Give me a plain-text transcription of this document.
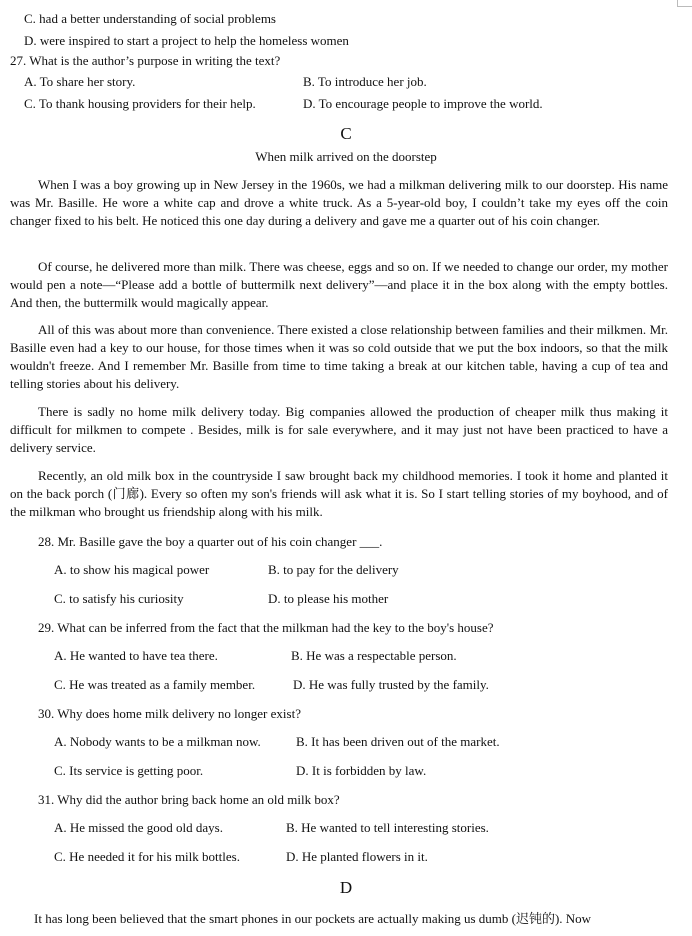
C. had a better understanding of social problems
D. were inspired to start a project to help the homeless women
27. What is the author’s purpose in writing the text?
A. To share her story.	B. To introduce her job.
C. To thank housing providers for their help.	D. To encourage people to improve the world.
C
When milk arrived on the doorstep

When I was a boy growing up in New Jersey in the 1960s, we had a milkman delivering milk to our doorstep. His name was Mr. Basille. He wore a white cap and drove a white truck. As a 5-year-old boy, I couldn’t take my eyes off the coin changer fixed to his belt. He noticed this one day during a delivery and gave me a quarter out of his coin changer.

Of course, he delivered more than milk. There was cheese, eggs and so on. If we needed to change our order, my mother would pen a note—“Please add a bottle of buttermilk next delivery”—and place it in the box along with the empty bottles. And then, the buttermilk would magically appear.

All of this was about more than convenience. There existed a close relationship between families and their milkmen. Mr. Basille even had a key to our house, for those times when it was so cold outside that we put the box indoors, so that the milk wouldn't freeze. And I remember Mr. Basille from time to time taking a break at our kitchen table, having a cup of tea and telling stories about his delivery.

There is sadly no home milk delivery today. Big companies allowed the production of cheaper milk thus making it difficult for milkmen to compete . Besides, milk is for sale everywhere, and it may just not have been practiced to have a delivery service.

Recently, an old milk box in the countryside I saw brought back my childhood memories. I took it home and planted it on the back porch (门廊). Every so often my son's friends will ask what it is. So I start telling stories of my boyhood, and of the milkman who brought us friendship along with his milk.

28. Mr. Basille gave the boy a quarter out of his coin changer ___.
A. to show his magical power	B. to pay for the delivery
C. to satisfy his curiosity	D. to please his mother
29. What can be inferred from the fact that the milkman had the key to the boy's house?
A. He wanted to have tea there.	B. He was a respectable person.
C. He was treated as a family member.	D. He was fully trusted by the family.
30. Why does home milk delivery no longer exist?
A. Nobody wants to be a milkman now.	B. It has been driven out of the market.
C. Its service is getting poor.	D. It is forbidden by law.
31. Why did the author bring back home an old milk box?
A. He missed the good old days.	B. He wanted to tell interesting stories.
C. He needed it for his milk bottles.	D. He planted flowers in it.
D
It has long been believed that the smart phones in our pockets are actually making us dumb (迟钝的). Now
